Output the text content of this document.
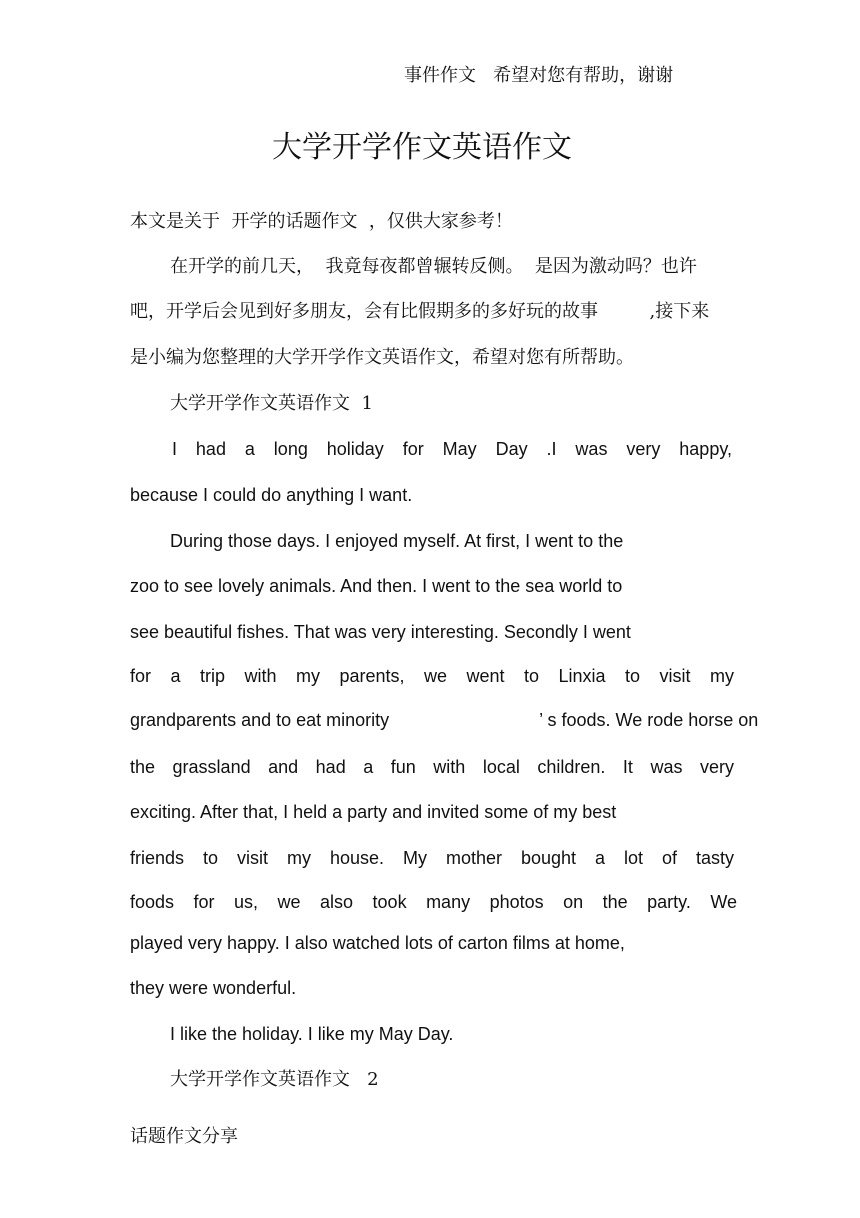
事件作文   希望对您有帮助，谢谢
大学开学作文英语作文
本文是关于  开学的话题作文  ，仅供大家参考！
在开学的前几天，  我竟每夜都曾辗转反侧。  是因为激动吗？也许
吧，开学后会见到好多朋友，会有比假期多的多好玩的故事         ,接下来
是小编为您整理的大学开学作文英语作文，希望对您有所帮助。
大学开学作文英语作文  1
I had a long holiday for May Day .I was very happy,
because I could do anything I want.
During those days. I enjoyed myself. At first, I went to the
zoo to see lovely animals. And then. I went to the sea world to
see beautiful fishes. That was very interesting. Secondly I went
for a trip with my parents, we went to Linxia to visit my
grandparents and to eat minority                              ’ s foods. We rode horse on
the grassland and had a fun with local children. It was very
exciting. After that, I held a party and invited some of my best
friends to visit my house. My mother bought a lot of tasty
foods for us, we also took many photos on the party. We
played very happy. I also watched lots of carton films at home,
they were wonderful.
I like the holiday. I like my May Day.
大学开学作文英语作文   2
话题作文分享
